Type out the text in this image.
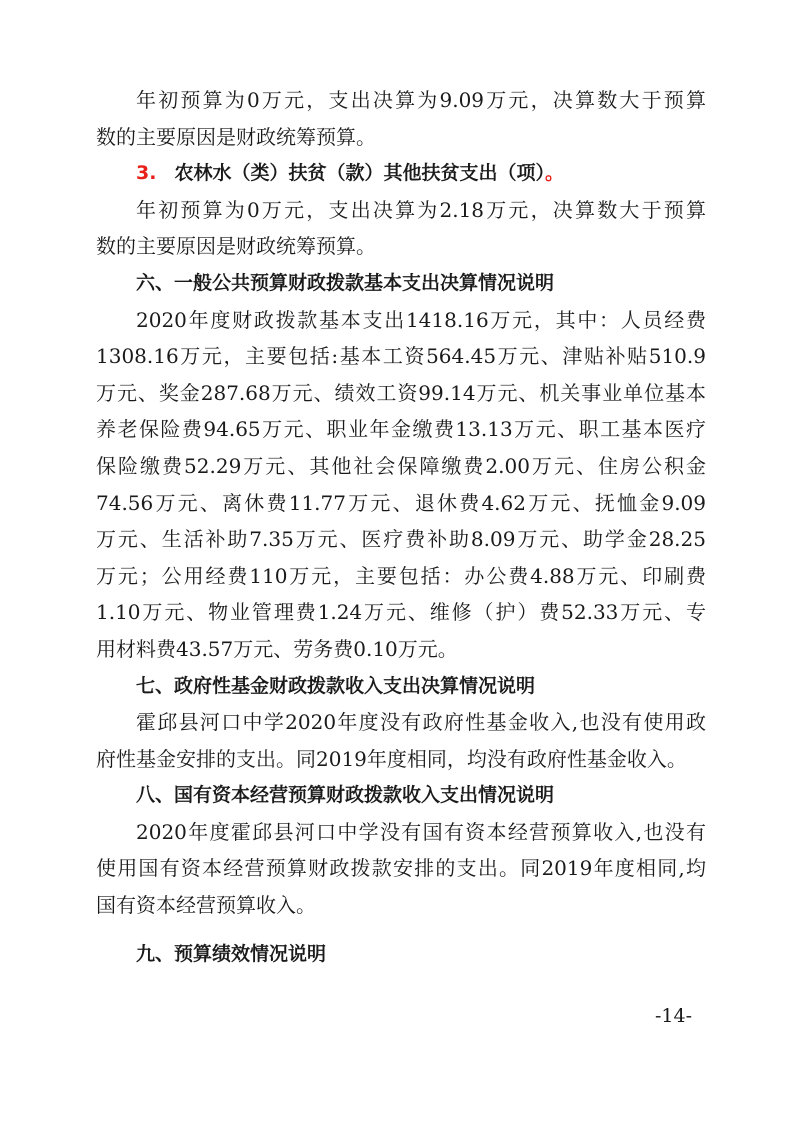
年初预算为0万元，支出决算为9.09万元，决算数大于预算
数的主要原因是财政统筹预算。
3. 农林水（类）扶贫（款）其他扶贫支出（项）。
年初预算为0万元，支出决算为2.18万元，决算数大于预算
数的主要原因是财政统筹预算。
六、一般公共预算财政拨款基本支出决算情况说明
2020年度财政拨款基本支出1418.16万元，其中：人员经费
1308.16万元，主要包括:基本工资564.45万元、津贴补贴510.9
万元、奖金287.68万元、绩效工资99.14万元、机关事业单位基本
养老保险费94.65万元、职业年金缴费13.13万元、职工基本医疗
保险缴费52.29万元、其他社会保障缴费2.00万元、住房公积金
74.56万元、离休费11.77万元、退休费4.62万元、抚恤金9.09
万元、生活补助7.35万元、医疗费补助8.09万元、助学金28.25
万元；公用经费110万元，主要包括：办公费4.88万元、印刷费
1.10万元、物业管理费1.24万元、维修（护）费52.33万元、专
用材料费43.57万元、劳务费0.10万元。
七、政府性基金财政拨款收入支出决算情况说明
霍邱县河口中学2020年度没有政府性基金收入,也没有使用政
府性基金安排的支出。同2019年度相同，均没有政府性基金收入。
八、国有资本经营预算财政拨款收入支出情况说明
2020年度霍邱县河口中学没有国有资本经营预算收入,也没有
使用国有资本经营预算财政拨款安排的支出。同2019年度相同,均
国有资本经营预算收入。
九、预算绩效情况说明
-14-
